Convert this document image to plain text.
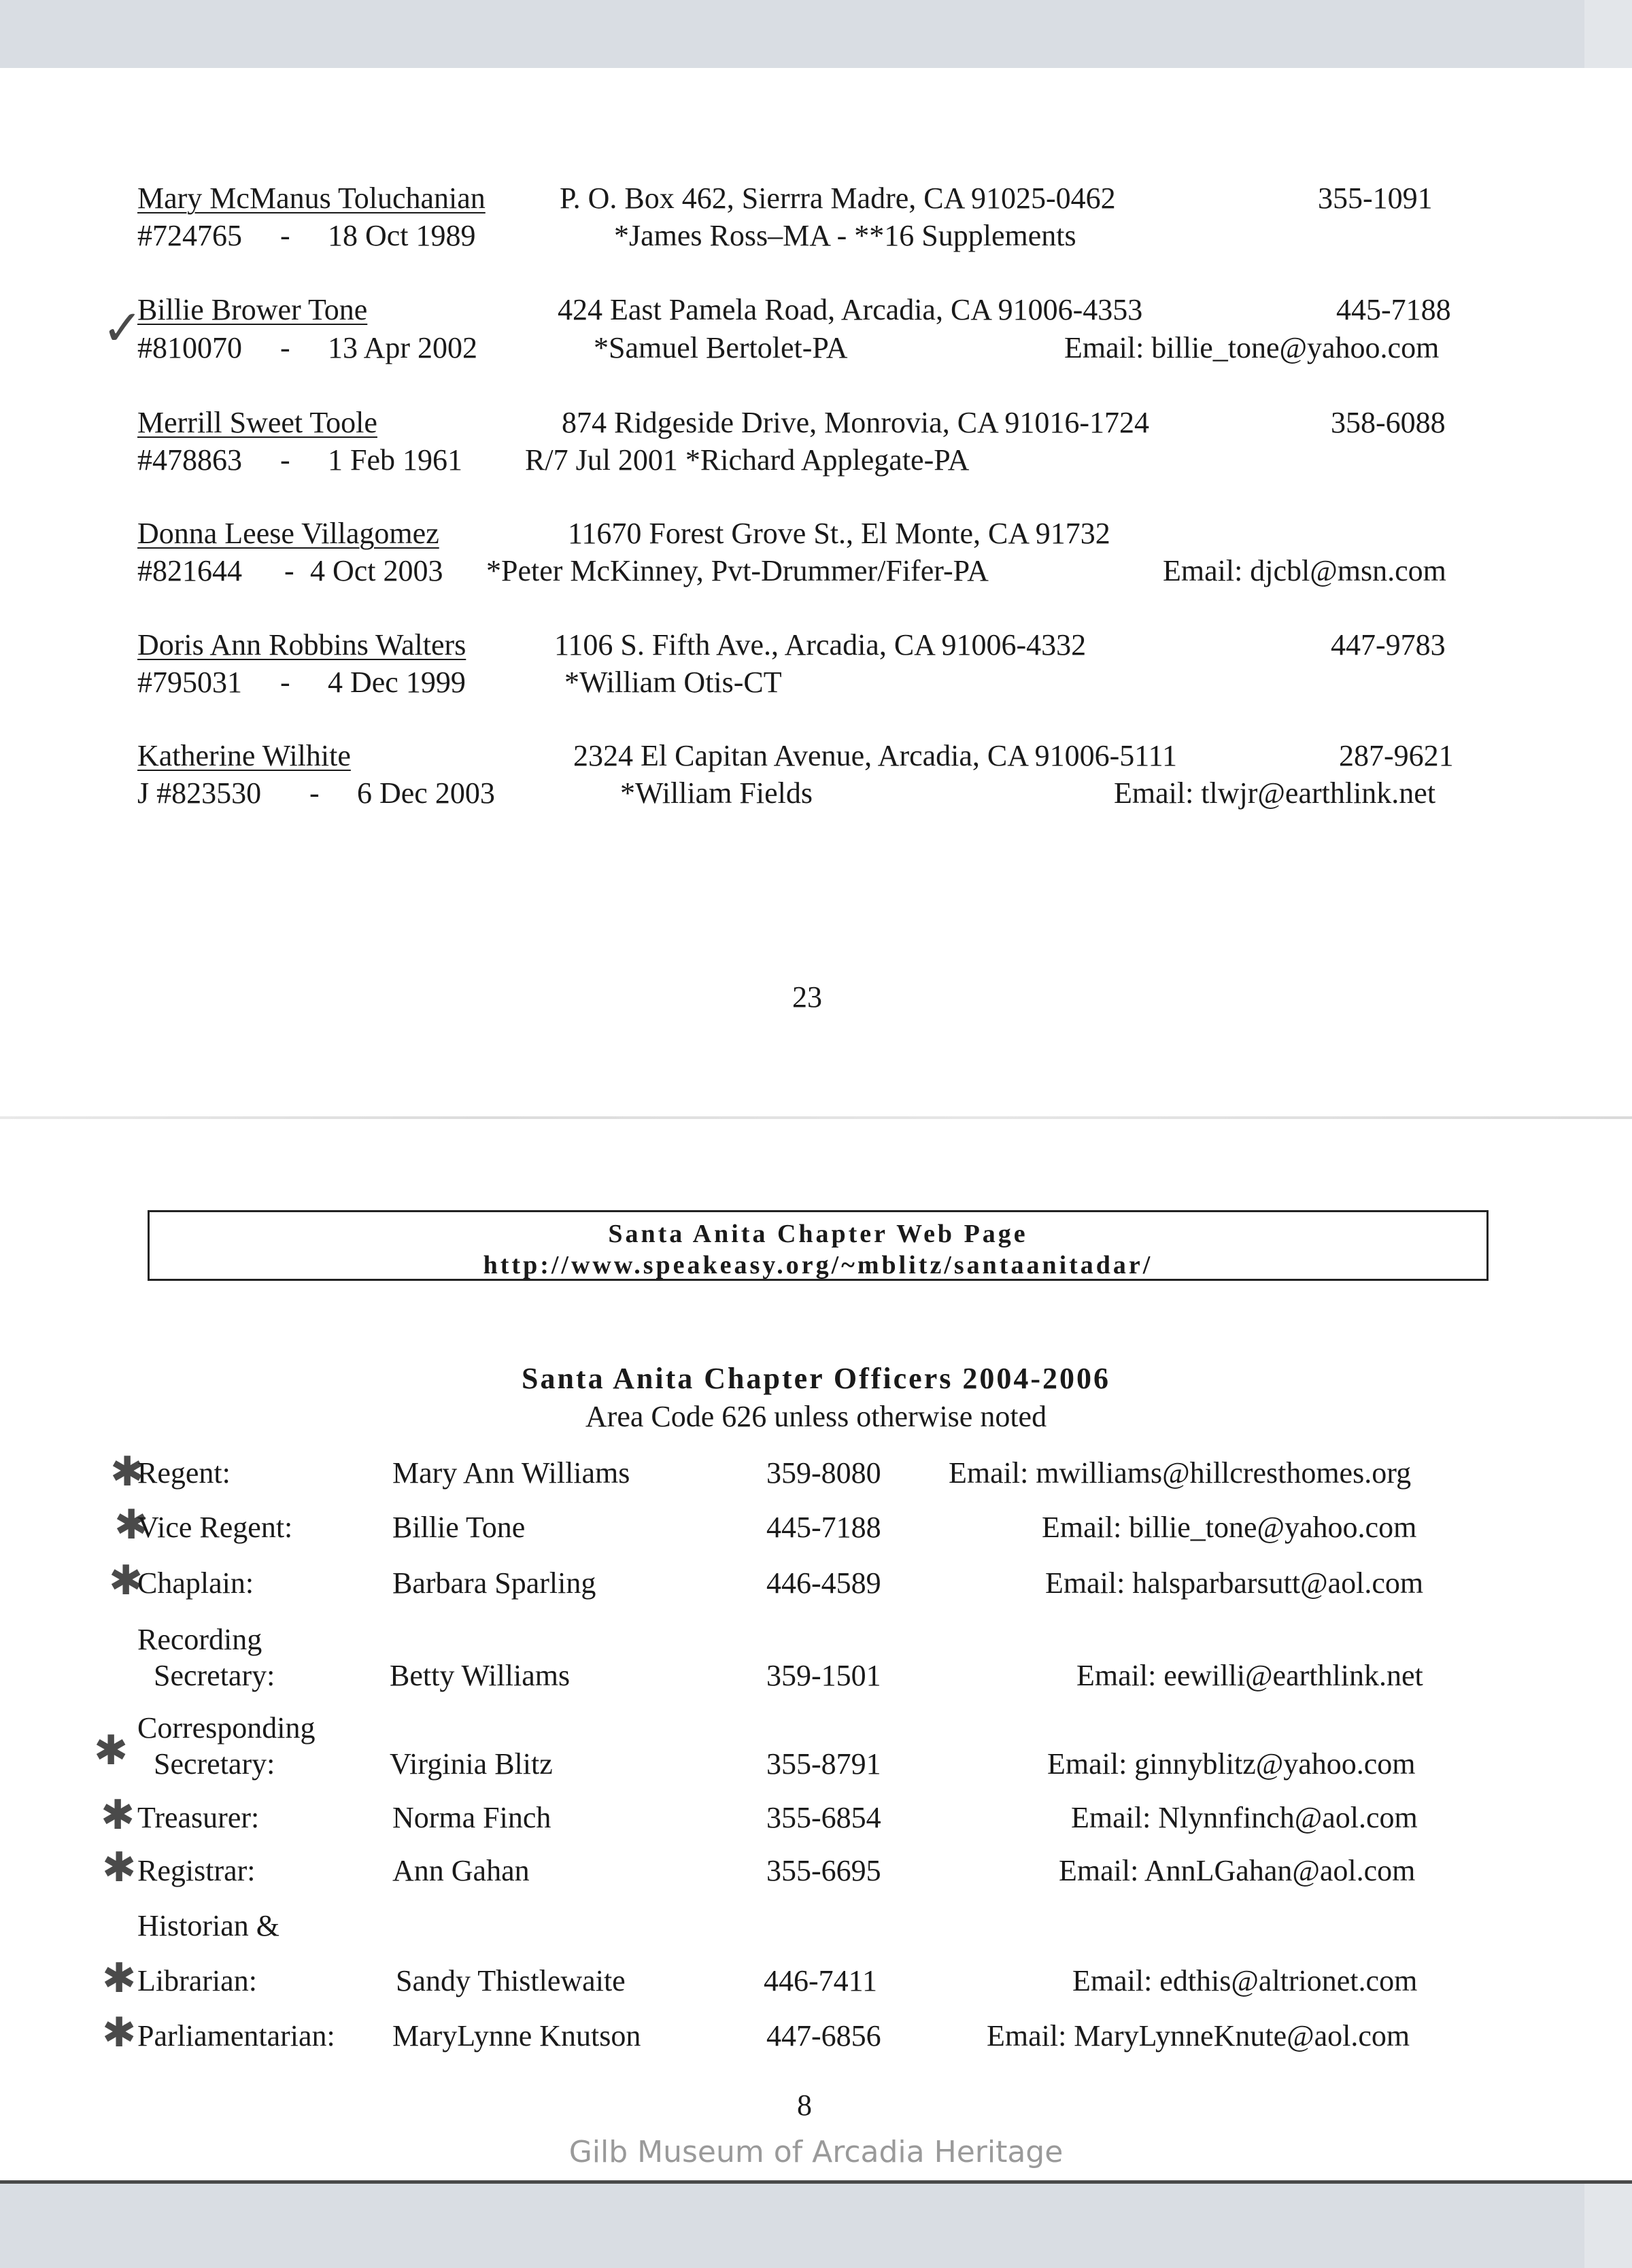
Mary McManus Toluchanian P. O. Box 462, Sierrra Madre, CA 91025-0462	355-1091
#724765 - 18 Oct 1989	*James Ross–MA - **16 Supplements
✓
Billie Brower Tone	424 East Pamela Road, Arcadia, CA 91006-4353	445-7188
#810070 - 13 Apr 2002	*Samuel Bertolet-PA	Email: billie_tone@yahoo.com
Merrill Sweet Toole	874 Ridgeside Drive, Monrovia, CA 91016-1724	358-6088
#478863 - 1 Feb 1961 R/7 Jul 2001 *Richard Applegate-PA
Donna Leese Villagomez	11670 Forest Grove St., El Monte, CA 91732
#821644 - 4 Oct 2003 *Peter McKinney, Pvt-Drummer/Fifer-PA	Email: djcbl@msn.com
Doris Ann Robbins Walters	1106 S. Fifth Ave., Arcadia, CA 91006-4332	447-9783
#795031 - 4 Dec 1999	*William Otis-CT
Katherine Wilhite	2324 El Capitan Avenue, Arcadia, CA 91006-5111	287-9621
J #823530 - 6 Dec 2003	*William Fields	Email: tlwjr@earthlink.net
23
Santa Anita Chapter Web Page
http://www.speakeasy.org/~mblitz/santaanitadar/
Santa Anita Chapter Officers 2004-2006
Area Code 626 unless otherwise noted
✱
Regent:	Mary Ann Williams	359-8080 Email: mwilliams@hillcresthomes.org
✱
Vice Regent:	Billie Tone	445-7188	Email: billie_tone@yahoo.com
✱
Chaplain:	Barbara Sparling	446-4589	Email: halsparbarsutt@aol.com
Recording
Secretary:	Betty Williams	359-1501	Email: eewilli@earthlink.net
✱ Corresponding
Secretary:	Virginia Blitz	355-8791	Email: ginnyblitz@yahoo.com
✱ Treasurer:	Norma Finch	355-6854	Email: Nlynnfinch@aol.com
✱ Registrar:	Ann Gahan	355-6695	Email: AnnLGahan@aol.com
Historian &
✱ Librarian:	Sandy Thistlewaite	446-7411	Email: edthis@altrionet.com
✱ Parliamentarian: MaryLynne Knutson	447-6856	Email: MaryLynneKnute@aol.com
8
Gilb Museum of Arcadia Heritage
